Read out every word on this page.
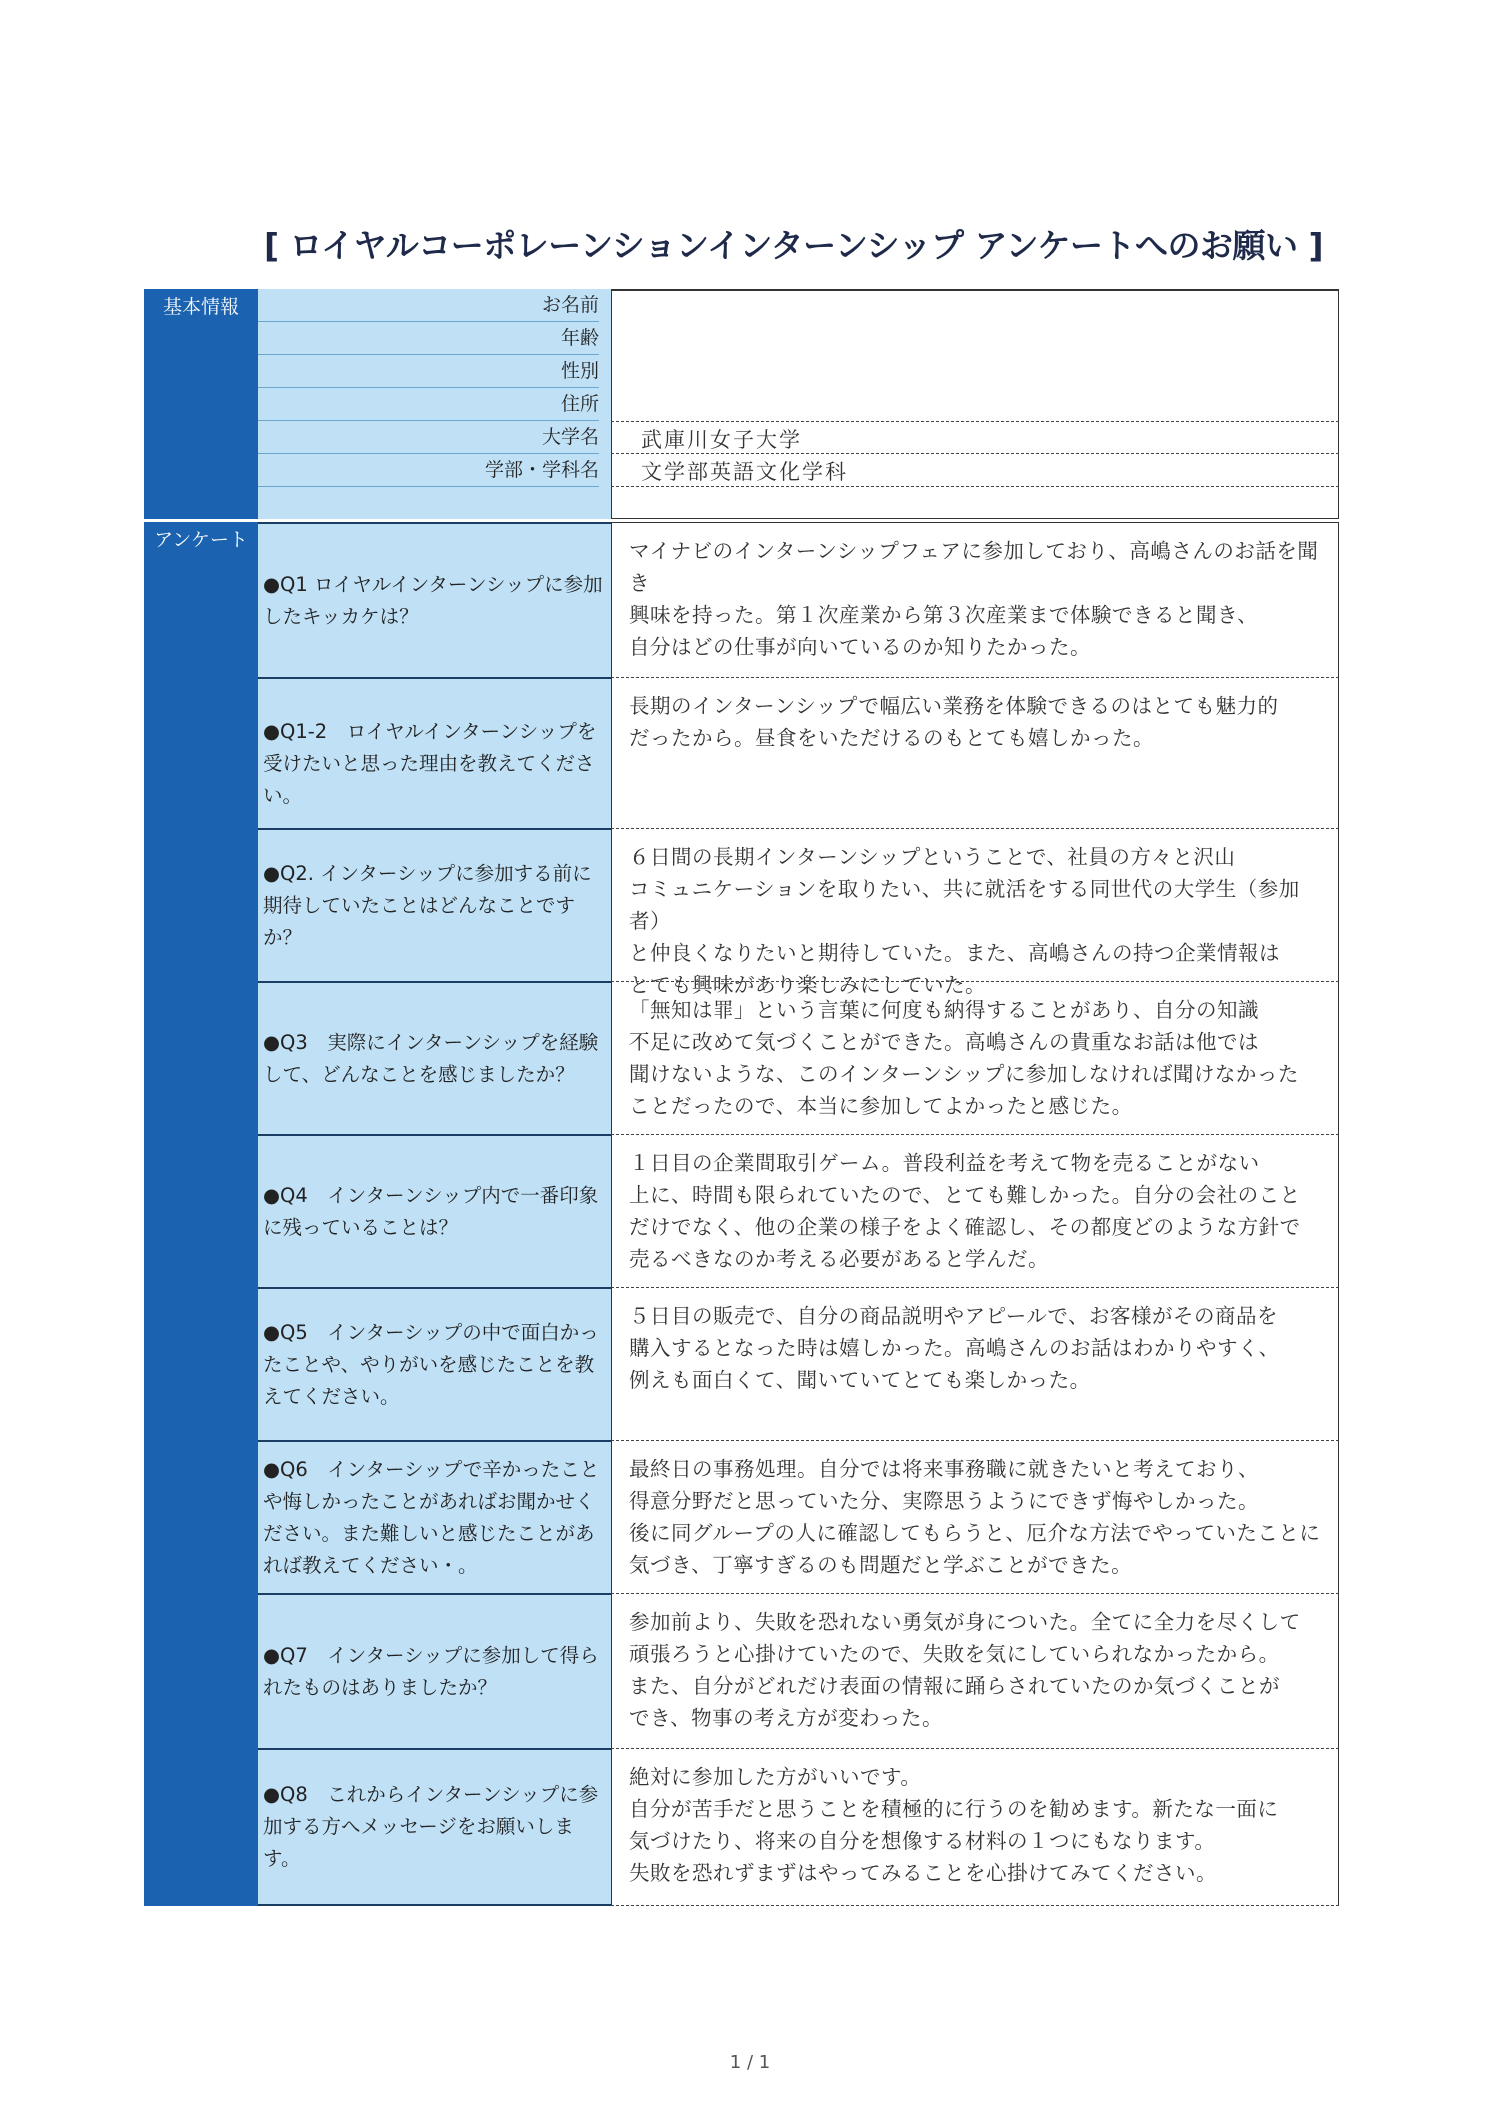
[ ロイヤルコーポレーンションインターンシップ アンケートへのお願い ]
基本情報
アンケート
お名前
年齢
性別
住所
大学名
学部・学科名
武庫川女子大学
文学部英語文化学科
●Q1 ロイヤルインターンシップに参加したキッカケは？
マイナビのインターンシップフェアに参加しており、高嶋さんのお話を聞き
興味を持った。第１次産業から第３次産業まで体験できると聞き、
自分はどの仕事が向いているのか知りたかった。
●Q1-2　ロイヤルインターンシップを受けたいと思った理由を教えてください。
長期のインターンシップで幅広い業務を体験できるのはとても魅力的
だったから。昼食をいただけるのもとても嬉しかった。
●Q2. インターシップに参加する前に期待していたことはどんなことですか？
６日間の長期インターンシップということで、社員の方々と沢山
コミュニケーションを取りたい、共に就活をする同世代の大学生（参加者）
と仲良くなりたいと期待していた。また、高嶋さんの持つ企業情報は
とても興味があり楽しみにしていた。
●Q3　実際にインターンシップを経験して、どんなことを感じましたか？
「無知は罪」という言葉に何度も納得することがあり、自分の知識
不足に改めて気づくことができた。高嶋さんの貴重なお話は他では
聞けないような、このインターンシップに参加しなければ聞けなかった
ことだったので、本当に参加してよかったと感じた。
●Q4　インターンシップ内で一番印象に残っていることは？
１日目の企業間取引ゲーム。普段利益を考えて物を売ることがない
上に、時間も限られていたので、とても難しかった。自分の会社のこと
だけでなく、他の企業の様子をよく確認し、その都度どのような方針で
売るべきなのか考える必要があると学んだ。
●Q5　インターシップの中で面白かったことや、やりがいを感じたことを教えてください。
５日目の販売で、自分の商品説明やアピールで、お客様がその商品を
購入するとなった時は嬉しかった。高嶋さんのお話はわかりやすく、
例えも面白くて、聞いていてとても楽しかった。
●Q6　インターシップで辛かったことや悔しかったことがあればお聞かせください。また難しいと感じたことがあれば教えてください・。
最終日の事務処理。自分では将来事務職に就きたいと考えており、
得意分野だと思っていた分、実際思うようにできず悔やしかった。
後に同グループの人に確認してもらうと、厄介な方法でやっていたことに
気づき、丁寧すぎるのも問題だと学ぶことができた。
●Q7　インターシップに参加して得られたものはありましたか？
参加前より、失敗を恐れない勇気が身についた。全てに全力を尽くして
頑張ろうと心掛けていたので、失敗を気にしていられなかったから。
また、自分がどれだけ表面の情報に踊らされていたのか気づくことが
でき、物事の考え方が変わった。
●Q8　これからインターンシップに参加する方へメッセージをお願いします。
絶対に参加した方がいいです。
自分が苦手だと思うことを積極的に行うのを勧めます。新たな一面に
気づけたり、将来の自分を想像する材料の１つにもなります。
失敗を恐れずまずはやってみることを心掛けてみてください。
1 / 1
